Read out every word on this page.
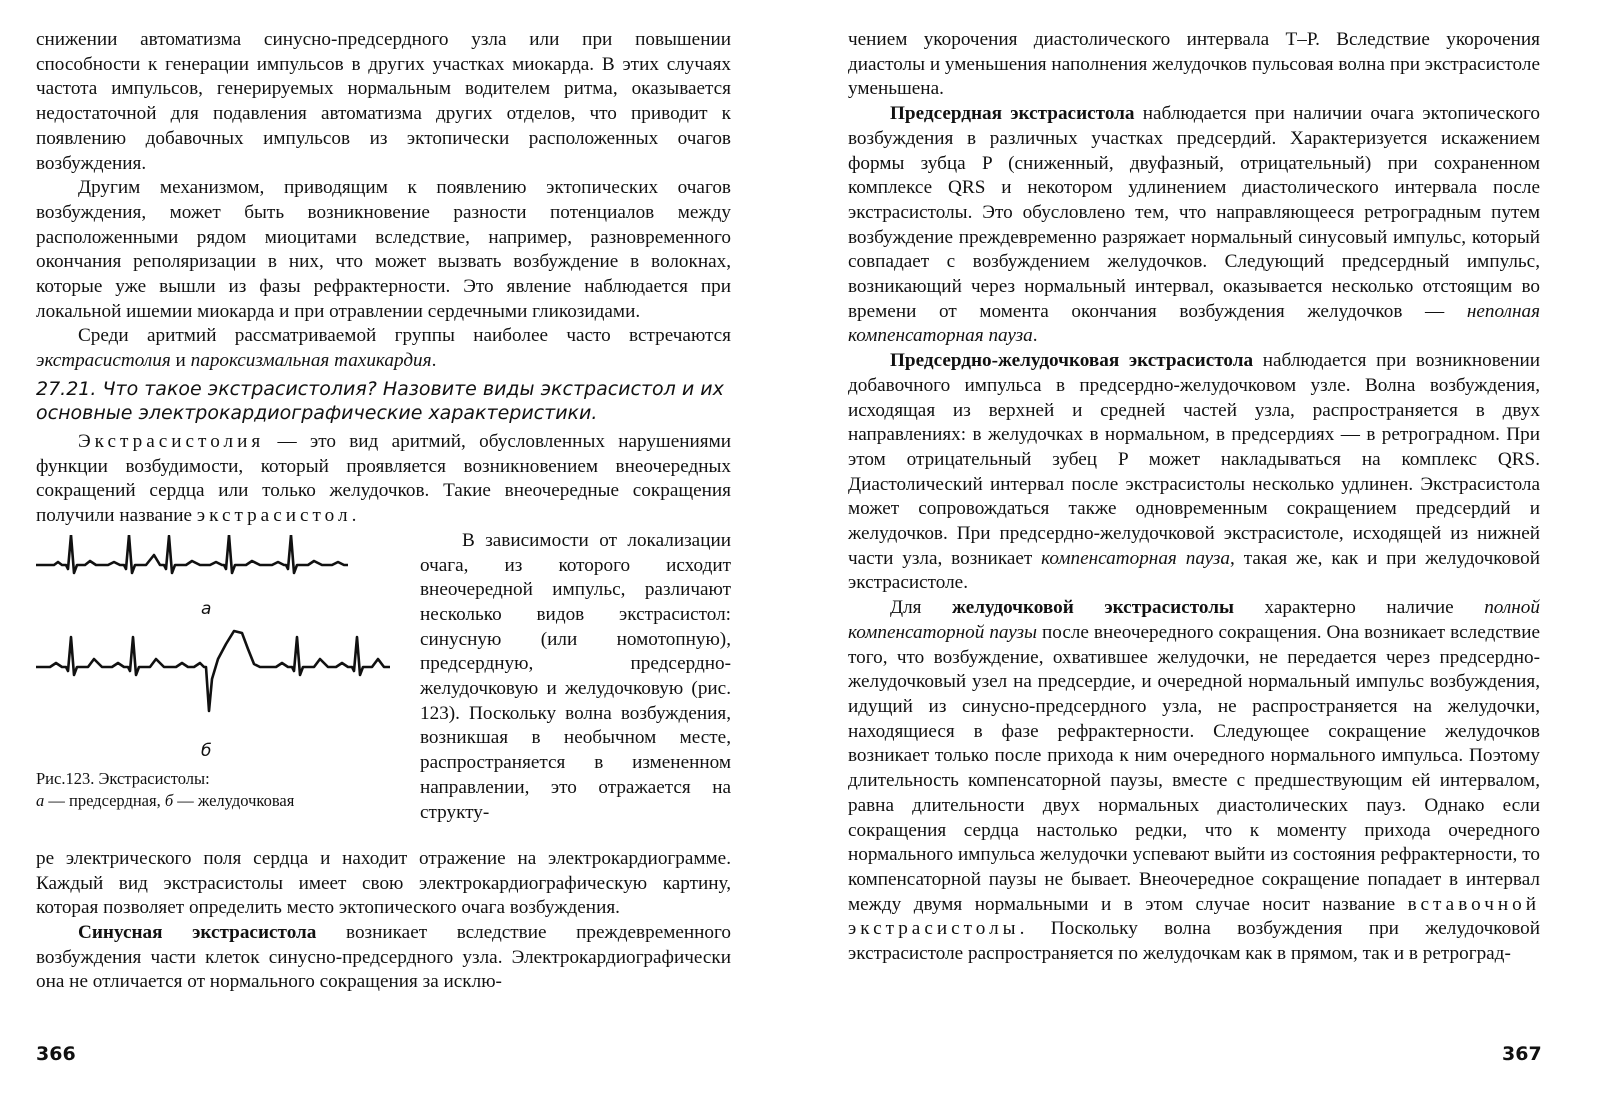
снижении автоматизма синусно-предсердного узла или при повышении способности к генерации импульсов в других участках миокарда. В этих случаях частота импульсов, генерируемых нормальным водителем ритма, оказывается недостаточной для подавления автоматизма других отделов, что приводит к появлению добавочных импульсов из эктопически расположенных очагов возбуждения.

Другим механизмом, приводящим к появлению эктопических очагов возбуждения, может быть возникновение разности потенциалов между расположенными рядом миоцитами вследствие, например, разновременного окончания реполяризации в них, что может вызвать возбуждение в волокнах, которые уже вышли из фазы рефрактерности. Это явление наблюдается при локальной ишемии миокарда и при отравлении сердечными гликозидами.

Среди аритмий рассматриваемой группы наиболее часто встречаются экстрасистолия и пароксизмальная тахикардия.

27.21. Что такое экстрасистолия? Назовите виды экстрасистол и их основные электрокардиографические характеристики.

Экстрасистолия — это вид аритмий, обусловленных нарушениями функции возбудимости, который проявляется возникновением внеочередных сокращений сердца или только желудочков. Такие внеочередные сокращения получили название экстрасистол.

а
б
Рис.123. Экстрасистолы:
а — предсердная, б — желудочковая

В зависимости от локализации очага, из которого исходит внеочередной импульс, различают несколько видов экстрасистол: синусную (или номотопную), предсердную, предсердно-желудочковую и желудочковую (рис. 123). Поскольку волна возбуждения, возникшая в необычном месте, распространяется в измененном направлении, это отражается на структу-

ре электрического поля сердца и находит отражение на электрокардиограмме. Каждый вид экстрасистолы имеет свою электрокардиографическую картину, которая позволяет определить место эктопического очага возбуждения.

Синусная экстрасистола возникает вследствие преждевременного возбуждения части клеток синусно-предсердного узла. Электрокардиографически она не отличается от нормального сокращения за исклю-

366

чением укорочения диастолического интервала Т–Р. Вследствие укорочения диастолы и уменьшения наполнения желудочков пульсовая волна при экстрасистоле уменьшена.

Предсердная экстрасистола наблюдается при наличии очага эктопического возбуждения в различных участках предсердий. Характеризуется искажением формы зубца P (сниженный, двуфазный, отрицательный) при сохраненном комплексе QRS и некотором удлинением диастолического интервала после экстрасистолы. Это обусловлено тем, что направляющееся ретроградным путем возбуждение преждевременно разряжает нормальный синусовый импульс, который совпадает с возбуждением желудочков. Следующий предсердный импульс, возникающий через нормальный интервал, оказывается несколько отстоящим во времени от момента окончания возбуждения желудочков — неполная компенсаторная пауза.

Предсердно-желудочковая экстрасистола наблюдается при возникновении добавочного импульса в предсердно-желудочковом узле. Волна возбуждения, исходящая из верхней и средней частей узла, распространяется в двух направлениях: в желудочках в нормальном, в предсердиях — в ретроградном. При этом отрицательный зубец P может накладываться на комплекс QRS. Диастолический интервал после экстрасистолы несколько удлинен. Экстрасистола может сопровождаться также одновременным сокращением предсердий и желудочков. При предсердно-желудочковой экстрасистоле, исходящей из нижней части узла, возникает компенсаторная пауза, такая же, как и при желудочковой экстрасистоле.

Для желудочковой экстрасистолы характерно наличие полной компенсаторной паузы после внеочередного сокращения. Она возникает вследствие того, что возбуждение, охватившее желудочки, не передается через предсердно-желудочковый узел на предсердие, и очередной нормальный импульс возбуждения, идущий из синусно-предсердного узла, не распространяется на желудочки, находящиеся в фазе рефрактерности. Следующее сокращение желудочков возникает только после прихода к ним очередного нормального импульса. Поэтому длительность компенсаторной паузы, вместе с предшествующим ей интервалом, равна длительности двух нормальных диастолических пауз. Однако если сокращения сердца настолько редки, что к моменту прихода очередного нормального импульса желудочки успевают выйти из состояния рефрактерности, то компенсаторной паузы не бывает. Внеочередное сокращение попадает в интервал между двумя нормальными и в этом случае носит название вставочной экстрасистолы. Поскольку волна возбуждения при желудочковой экстрасистоле распространяется по желудочкам как в прямом, так и в ретроград-

367
